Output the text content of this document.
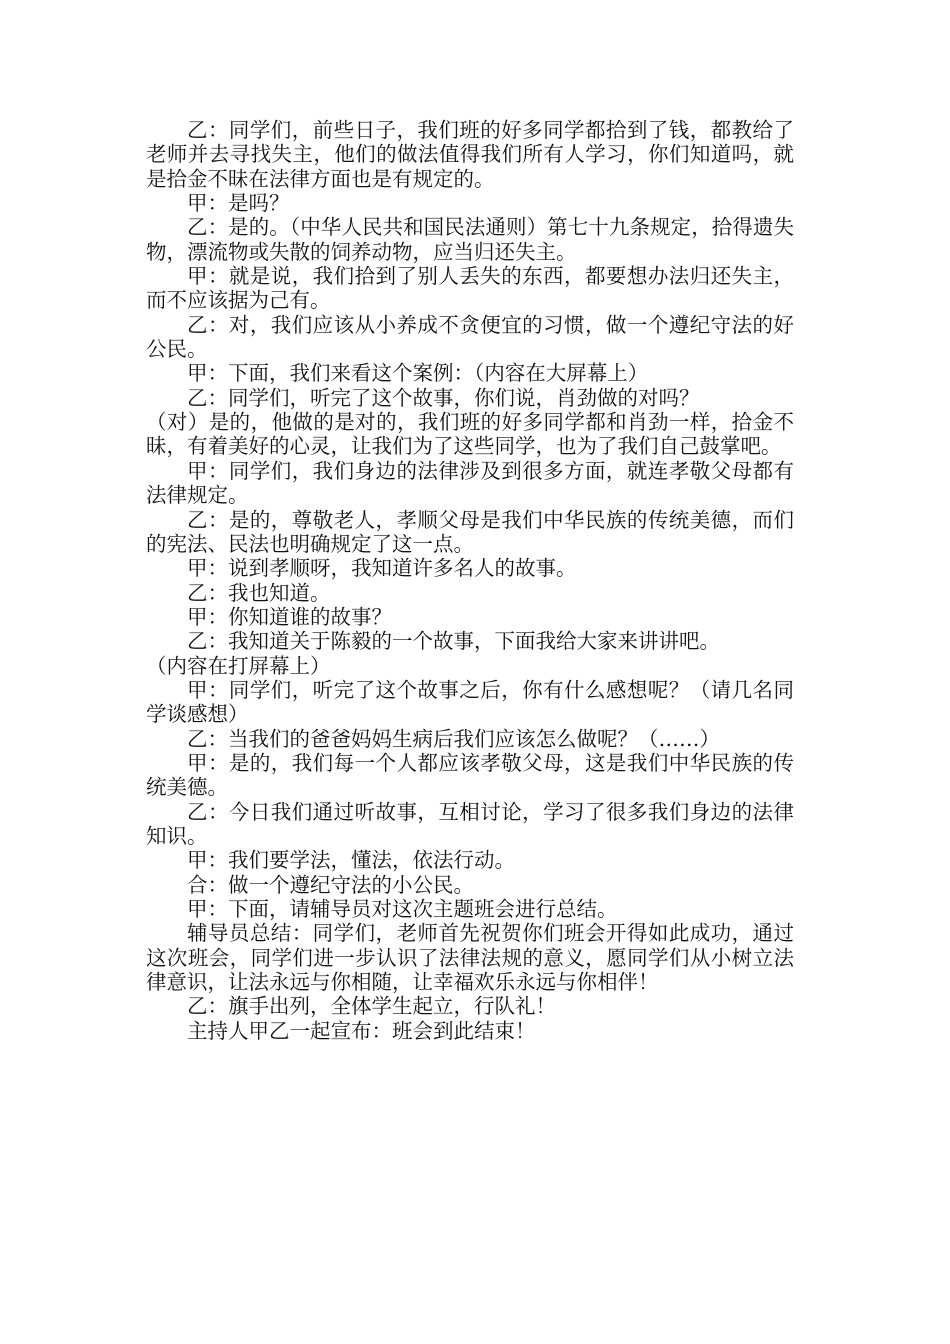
乙：同学们，前些日子，我们班的好多同学都拾到了钱，都教给了老师并去寻找失主，他们的做法值得我们所有人学习，你们知道吗，就是拾金不昧在法律方面也是有规定的。

甲：是吗？

乙：是的。（中华人民共和国民法通则）第七十九条规定，拾得遗失物，漂流物或失散的饲养动物，应当归还失主。

甲：就是说，我们拾到了别人丢失的东西，都要想办法归还失主，而不应该据为己有。

乙：对，我们应该从小养成不贪便宜的习惯，做一个遵纪守法的好公民。

甲：下面，我们来看这个案例：（内容在大屏幕上）

乙：同学们，听完了这个故事，你们说，肖劲做的对吗？

（对）是的，他做的是对的，我们班的好多同学都和肖劲一样，拾金不昧，有着美好的心灵，让我们为了这些同学，也为了我们自己鼓掌吧。

甲：同学们，我们身边的法律涉及到很多方面，就连孝敬父母都有法律规定。

乙：是的，尊敬老人，孝顺父母是我们中华民族的传统美德，而们的宪法、民法也明确规定了这一点。

甲：说到孝顺呀，我知道许多名人的故事。

乙：我也知道。

甲：你知道谁的故事？

乙：我知道关于陈毅的一个故事，下面我给大家来讲讲吧。

（内容在打屏幕上）

甲：同学们，听完了这个故事之后，你有什么感想呢？（请几名同学谈感想）

乙：当我们的爸爸妈妈生病后我们应该怎么做呢？（……）

甲：是的，我们每一个人都应该孝敬父母，这是我们中华民族的传统美德。

乙：今日我们通过听故事，互相讨论，学习了很多我们身边的法律知识。

甲：我们要学法，懂法，依法行动。

合：做一个遵纪守法的小公民。

甲：下面，请辅导员对这次主题班会进行总结。

辅导员总结：同学们，老师首先祝贺你们班会开得如此成功，通过这次班会，同学们进一步认识了法律法规的意义，愿同学们从小树立法律意识，让法永远与你相随，让幸福欢乐永远与你相伴！

乙：旗手出列，全体学生起立，行队礼！

主持人甲乙一起宣布：班会到此结束！
